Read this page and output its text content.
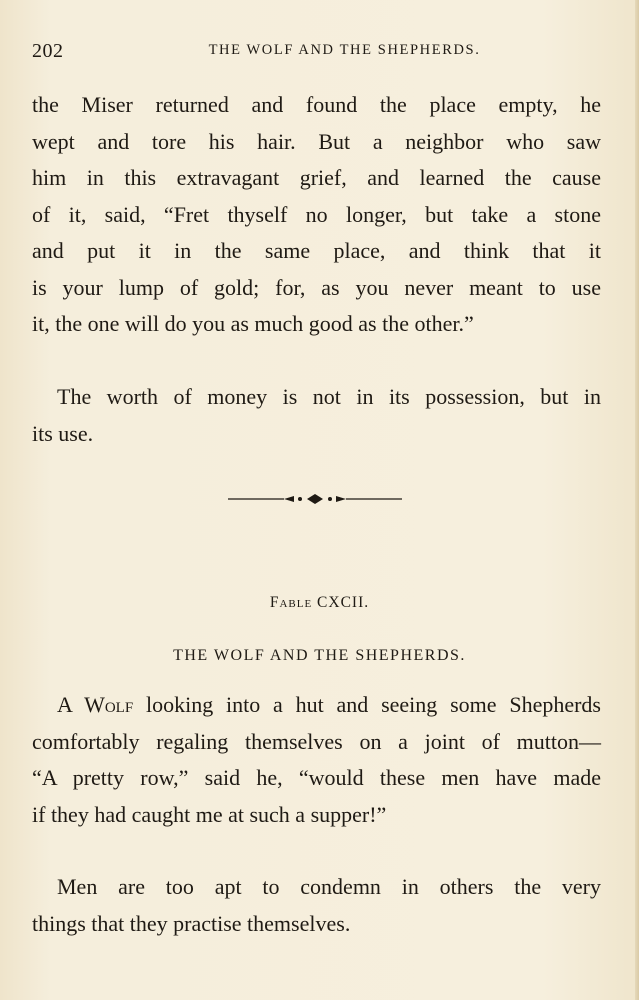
202	THE WOLF AND THE SHEPHERDS.
the Miser returned and found the place empty, he
wept and tore his hair. But a neighbor who saw
him in this extravagant grief, and learned the cause
of it, said, “Fret thyself no longer, but take a stone
and put it in the same place, and think that it
is your lump of gold; for, as you never meant to use
it, the one will do you as much good as the other.”
The worth of money is not in its possession, but in
its use.
Fable CXCII.
THE WOLF AND THE SHEPHERDS.
A Wolf looking into a hut and seeing some Shepherds
comfortably regaling themselves on a joint of mutton—
“A pretty row,” said he, “would these men have made
if they had caught me at such a supper!”
Men are too apt to condemn in others the very
things that they practise themselves.
